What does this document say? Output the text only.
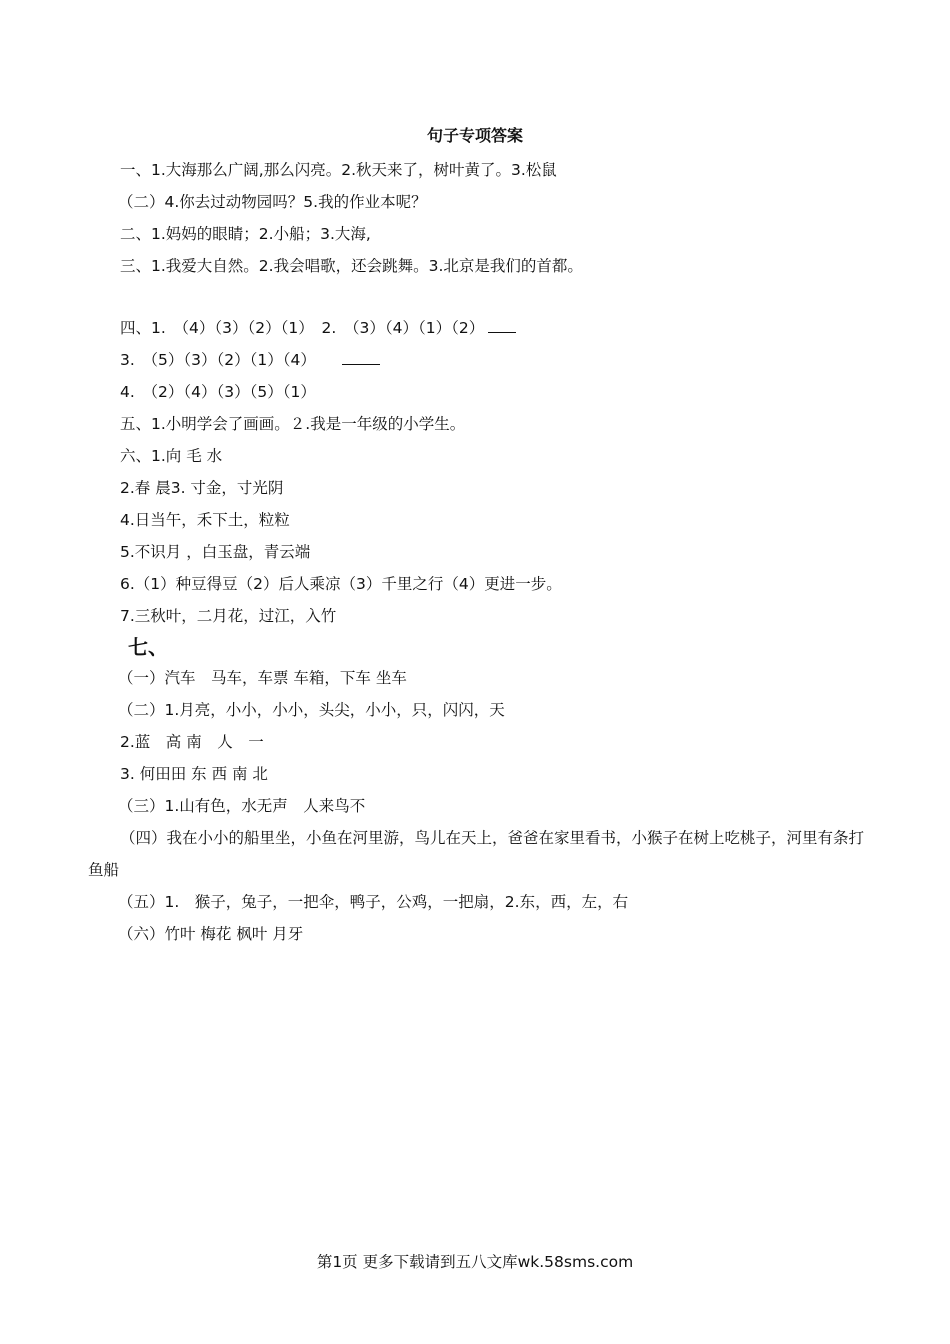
句子专项答案
一、1.大海那么广阔,那么闪亮。2.秋天来了，树叶黄了。3.松鼠
（二）4.你去过动物园吗？5.我的作业本呢？
二、1.妈妈的眼睛；2.小船；3.大海,
三、1.我爱大自然。2.我会唱歌，还会跳舞。3.北京是我们的首都。
四、1.　（4）（3）（2）（1）　2.　（3）（4）（1）（2）
3.　（5）（3）（2）（1）（4）
4.　（2）（4）（3）（5）（1）
五、1.小明学会了画画。２.我是一年级的小学生。
六、1.向 毛 水
2.春 晨3. 寸金，寸光阴
4.日当午，禾下土，粒粒
5.不识月 ，白玉盘，青云端
6.（1）种豆得豆（2）后人乘凉（3）千里之行（4）更进一步。
7.三秋叶，二月花，过江，入竹
七、
（一）汽车　马车，车票 车箱，下车 坐车
（二）1.月亮，小小，小小，头尖，小小，只，闪闪，天
2.蓝　高 南　人　一
3. 何田田 东 西 南 北
（三）1.山有色，水无声　人来鸟不
（四）我在小小的船里坐，小鱼在河里游，鸟儿在天上，爸爸在家里看书，小猴子在树上吃桃子，河里有条打鱼船
（五）1.　猴子，兔子，一把伞，鸭子，公鸡，一把扇，2.东，西，左，右
（六）竹叶 梅花 枫叶 月牙
第1页 更多下载请到五八文库wk.58sms.com
